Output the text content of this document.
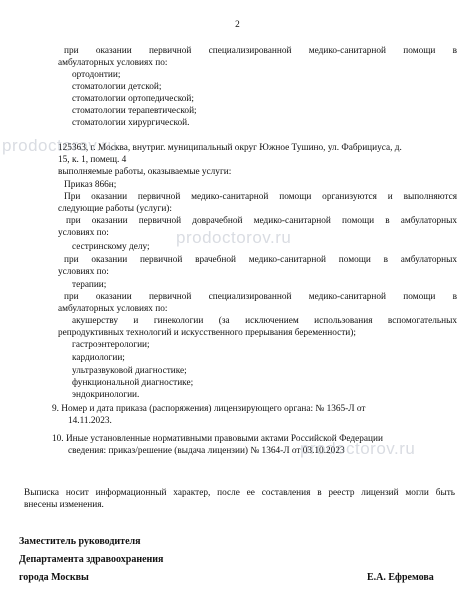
2
при оказании первичной специализированной медико-санитарной помощи в
амбулаторных условиях по:
ортодонтии;
стоматологии детской;
стоматологии ортопедической;
стоматологии терапевтической;
стоматологии хирургической.
125363, г. Москва, внутриг. муниципальный округ Южное Тушино, ул. Фабрициуса, д.
15, к. 1, помещ. 4
выполняемые работы, оказываемые услуги:
Приказ 866н;
При оказании первичной медико-санитарной помощи организуются и выполняются
следующие работы (услуги):
при оказании первичной доврачебной медико-санитарной помощи в амбулаторных
условиях по:
сестринскому делу;
при оказании первичной врачебной медико-санитарной помощи в амбулаторных
условиях по:
терапии;
при оказании первичной специализированной медико-санитарной помощи в
амбулаторных условиях по:
акушерству и гинекологии (за исключением использования вспомогательных
репродуктивных технологий и искусственного прерывания беременности);
гастроэнтерологии;
кардиологии;
ультразвуковой диагностике;
функциональной диагностике;
эндокринологии.
9. Номер и дата приказа (распоряжения) лицензирующего органа: № 1365-Л от
14.11.2023.
10. Иные установленные нормативными правовыми актами Российской Федерации
сведения: приказ/решение (выдача лицензии) № 1364-Л от 03.10.2023
Выписка носит информационный характер, после ее составления в реестр лицензий могли быть
внесены изменения.
Заместитель руководителя
Департамента здравоохранения
города Москвы	Е.А. Ефремова
prodoctorov.ru
prodoctorov.ru
prodoctorov.ru
